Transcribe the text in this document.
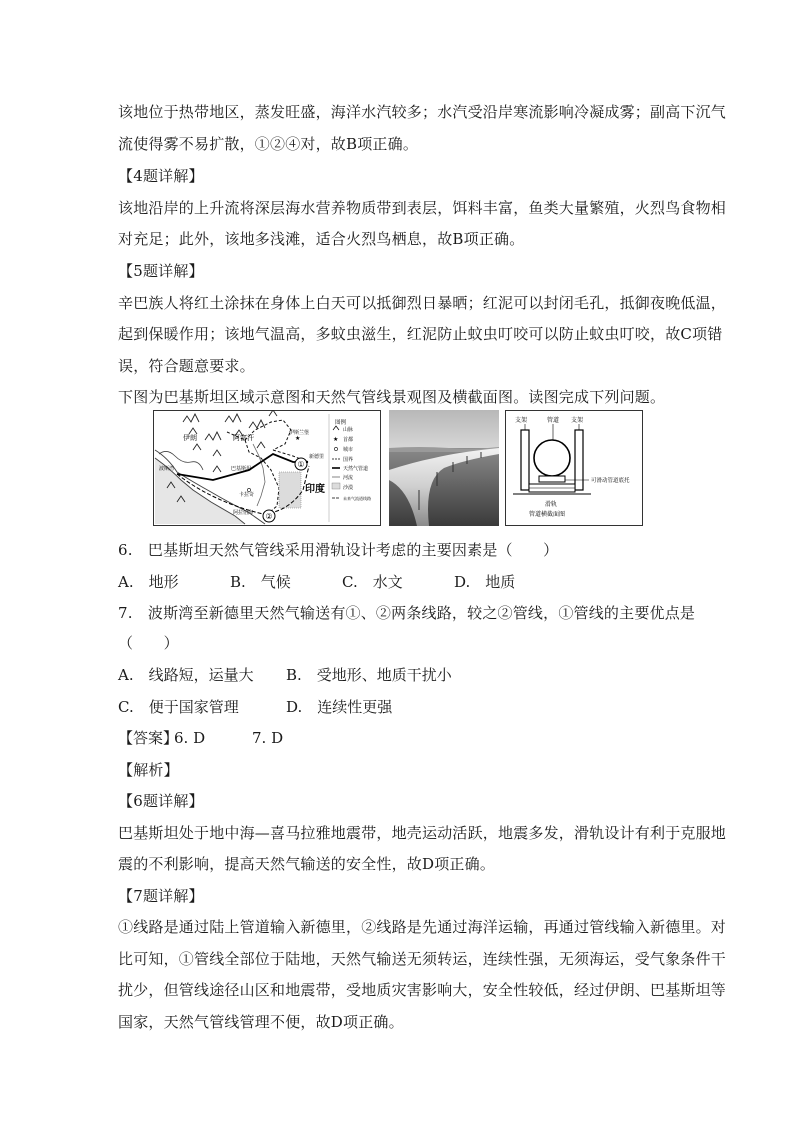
该地位于热带地区，蒸发旺盛，海洋水汽较多；水汽受沿岸寒流影响冷凝成雾；副高下沉气
流使得雾不易扩散，①②④对，故B项正确。
【4题详解】
该地沿岸的上升流将深层海水营养物质带到表层，饵料丰富，鱼类大量繁殖，火烈鸟食物相
对充足；此外，该地多浅滩，适合火烈鸟栖息，故B项正确。
【5题详解】
辛巴族人将红土涂抹在身体上白天可以抵御烈日暴晒；红泥可以封闭毛孔，抵御夜晚低温，
起到保暖作用；该地气温高，多蚊虫滋生，红泥防止蚊虫叮咬可以防止蚊虫叮咬，故C项错
误，符合题意要求。
下图为巴基斯坦区域示意图和天然气管线景观图及横截面图。读图完成下列问题。
①
②
伊朗	阿富汗
巴基斯坦
新德里
印度
卡拉奇
阿拉伯海
波斯湾
伊斯兰堡
★
图例
山脉
★ 首都
城市
国界
天然气管道
河流
沙漠
未来气流道线路
支架	管道 支架
可滑动管道底托
滑轨
管道横截面图
6.　巴基斯坦天然气管线采用滑轨设计考虑的主要因素是（　　）
A.　地形	B.　气候	C.　水文	D.　地质
7.　波斯湾至新德里天然气输送有①、②两条线路，较之②管线，①管线的主要优点是
（　　）
A.　线路短，运量大 B.　受地形、地质干扰小
C.　便于国家管理	D.　连续性更强
【答案】
6. D	7. D
【解析】
【6题详解】
巴基斯坦处于地中海—喜马拉雅地震带，地壳运动活跃，地震多发，滑轨设计有利于克服地
震的不利影响，提高天然气输送的安全性，故D项正确。
【7题详解】
①线路是通过陆上管道输入新德里，②线路是先通过海洋运输，再通过管线输入新德里。对
比可知，①管线全部位于陆地，天然气输送无须转运，连续性强，无须海运，受气象条件干
扰少，但管线途径山区和地震带，受地质灾害影响大，安全性较低，经过伊朗、巴基斯坦等
国家，天然气管线管理不便，故D项正确。
